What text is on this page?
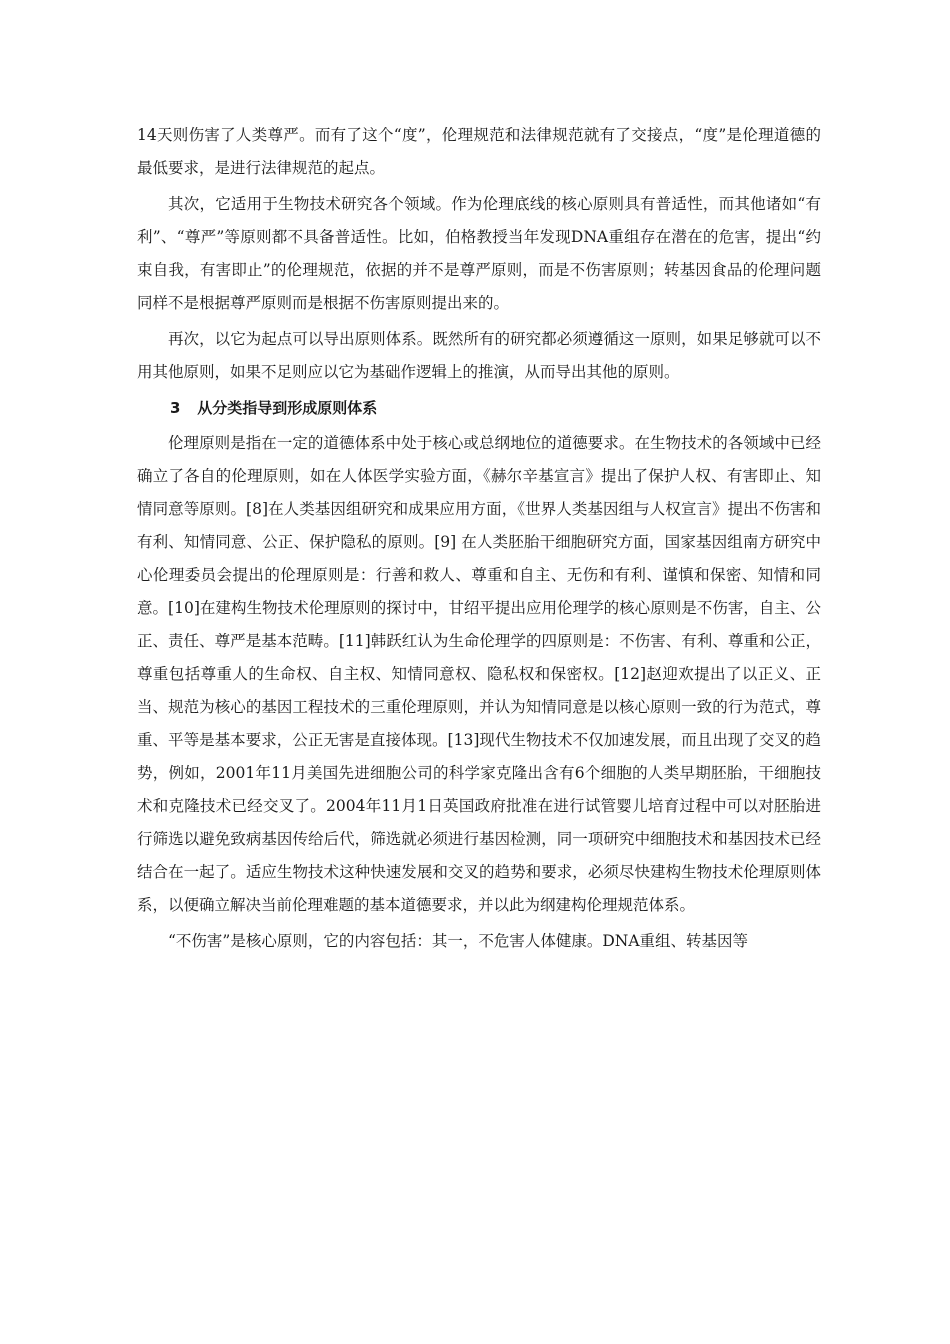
14天则伤害了人类尊严。而有了这个“度”，伦理规范和法律规范就有了交接点，“度”是伦理道德的最低要求，是进行法律规范的起点。

其次，它适用于生物技术研究各个领域。作为伦理底线的核心原则具有普适性，而其他诸如“有利”、“尊严”等原则都不具备普适性。比如，伯格教授当年发现DNA重组存在潜在的危害，提出“约束自我，有害即止”的伦理规范，依据的并不是尊严原则，而是不伤害原则；转基因食品的伦理问题同样不是根据尊严原则而是根据不伤害原则提出来的。

再次，以它为起点可以导出原则体系。既然所有的研究都必须遵循这一原则，如果足够就可以不用其他原则，如果不足则应以它为基础作逻辑上的推演，从而导出其他的原则。

3 从分类指导到形成原则体系

伦理原则是指在一定的道德体系中处于核心或总纲地位的道德要求。在生物技术的各领域中已经确立了各自的伦理原则，如在人体医学实验方面，《赫尔辛基宣言》提出了保护人权、有害即止、知情同意等原则。[8]在人类基因组研究和成果应用方面，《世界人类基因组与人权宣言》提出不伤害和有利、知情同意、公正、保护隐私的原则。[9] 在人类胚胎干细胞研究方面，国家基因组南方研究中心伦理委员会提出的伦理原则是：行善和救人、尊重和自主、无伤和有利、谨慎和保密、知情和同意。[10]在建构生物技术伦理原则的探讨中，甘绍平提出应用伦理学的核心原则是不伤害，自主、公正、责任、尊严是基本范畴。[11]韩跃红认为生命伦理学的四原则是：不伤害、有利、尊重和公正，尊重包括尊重人的生命权、自主权、知情同意权、隐私权和保密权。[12]赵迎欢提出了以正义、正当、规范为核心的基因工程技术的三重伦理原则，并认为知情同意是以核心原则一致的行为范式，尊重、平等是基本要求，公正无害是直接体现。[13]现代生物技术不仅加速发展，而且出现了交叉的趋势，例如，2001年11月美国先进细胞公司的科学家克隆出含有6个细胞的人类早期胚胎，干细胞技术和克隆技术已经交叉了。2004年11月1日英国政府批准在进行试管婴儿培育过程中可以对胚胎进行筛选以避免致病基因传给后代，筛选就必须进行基因检测，同一项研究中细胞技术和基因技术已经结合在一起了。适应生物技术这种快速发展和交叉的趋势和要求，必须尽快建构生物技术伦理原则体系，以便确立解决当前伦理难题的基本道德要求，并以此为纲建构伦理规范体系。

“不伤害”是核心原则，它的内容包括：其一，不危害人体健康。DNA重组、转基因等
